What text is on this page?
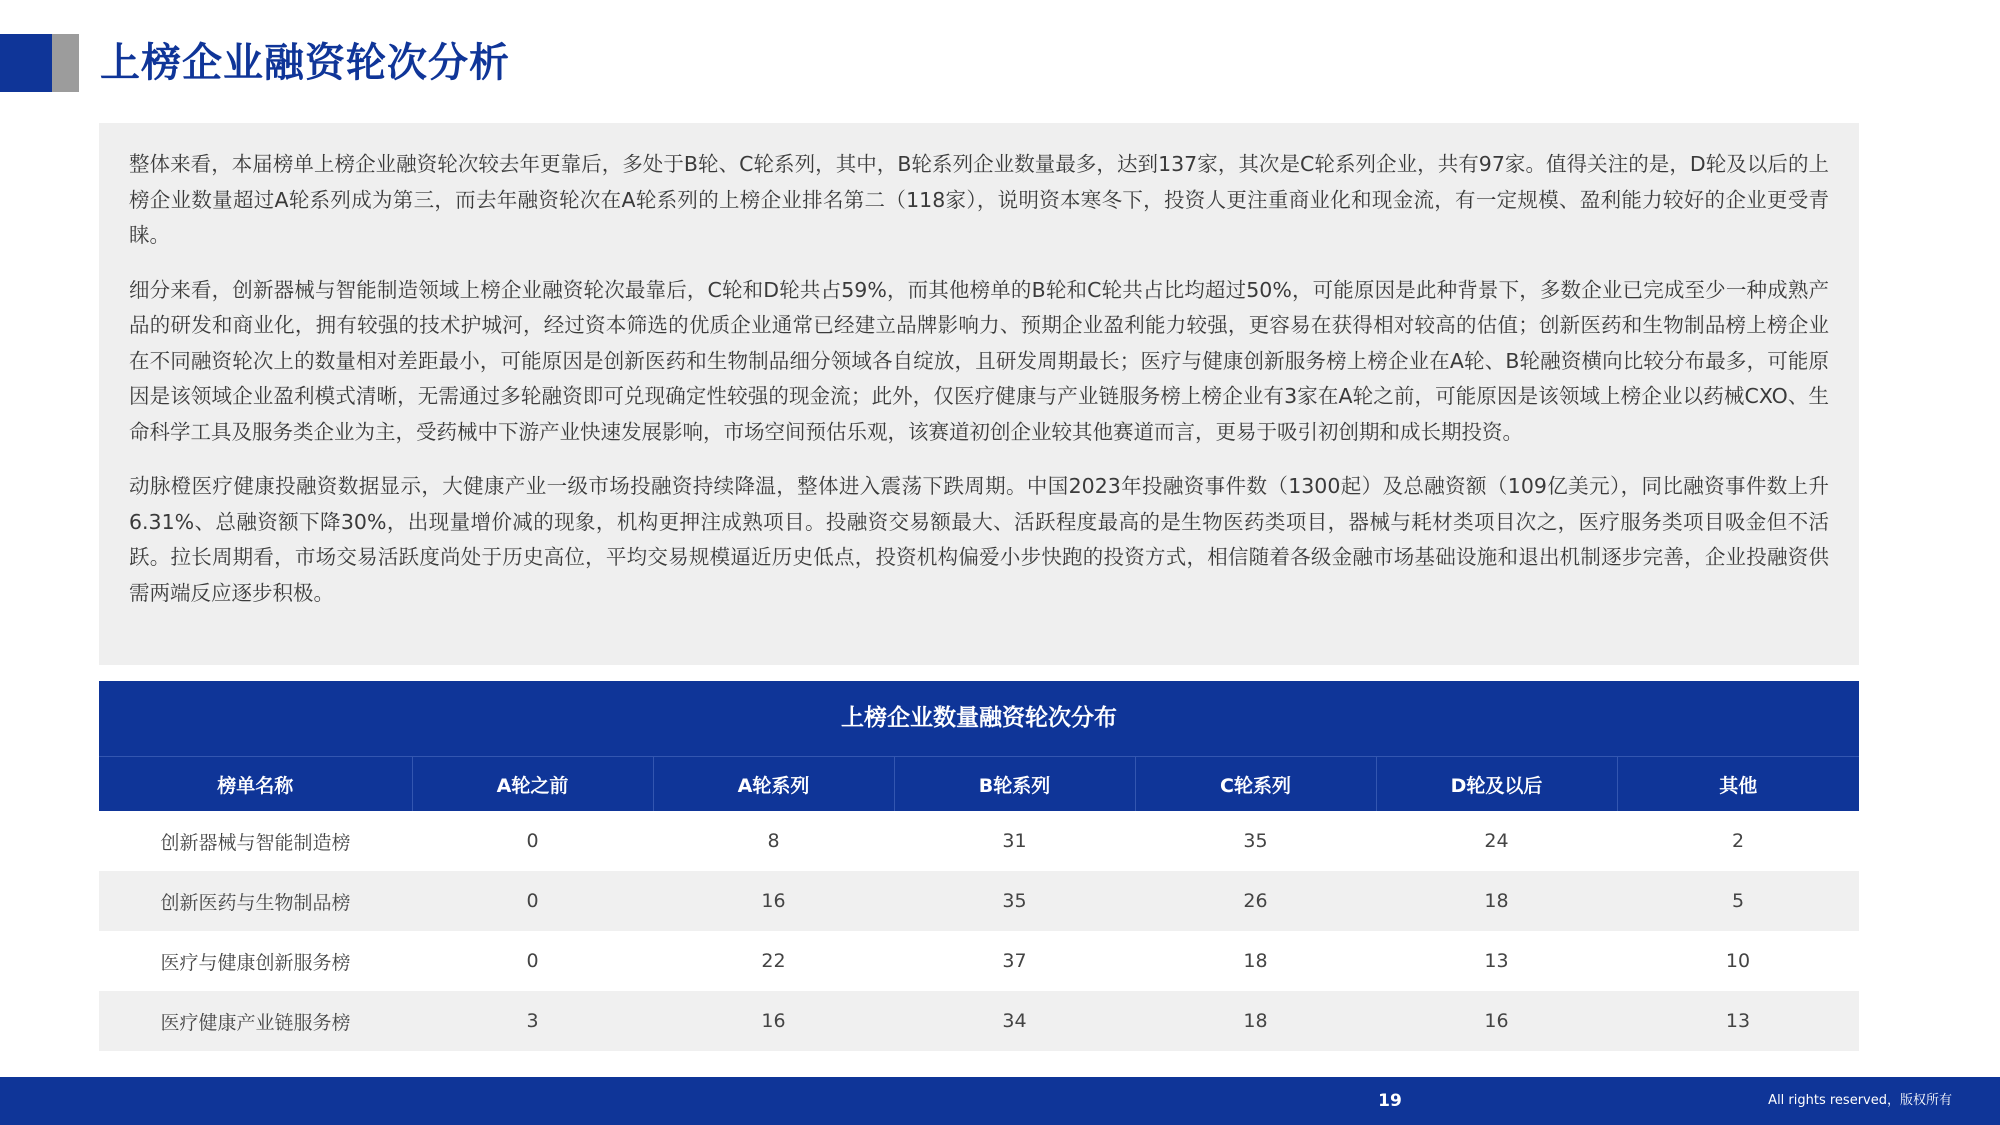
上榜企业融资轮次分析

整体来看，本届榜单上榜企业融资轮次较去年更靠后，多处于B轮、C轮系列，其中，B轮系列企业数量最多，达到137家，其次是C轮系列企业，共有97家。值得关注的是，D轮及以后的上榜企业数量超过A轮系列成为第三，而去年融资轮次在A轮系列的上榜企业排名第二（118家），说明资本寒冬下，投资人更注重商业化和现金流，有一定规模、盈利能力较好的企业更受青睐。

细分来看，创新器械与智能制造领域上榜企业融资轮次最靠后，C轮和D轮共占59%，而其他榜单的B轮和C轮共占比均超过50%，可能原因是此种背景下，多数企业已完成至少一种成熟产品的研发和商业化，拥有较强的技术护城河，经过资本筛选的优质企业通常已经建立品牌影响力、预期企业盈利能力较强，更容易在获得相对较高的估值；创新医药和生物制品榜上榜企业在不同融资轮次上的数量相对差距最小，可能原因是创新医药和生物制品细分领域各自绽放，且研发周期最长；医疗与健康创新服务榜上榜企业在A轮、B轮融资横向比较分布最多，可能原因是该领域企业盈利模式清晰，无需通过多轮融资即可兑现确定性较强的现金流；此外，仅医疗健康与产业链服务榜上榜企业有3家在A轮之前，可能原因是该领域上榜企业以药械CXO、生命科学工具及服务类企业为主，受药械中下游产业快速发展影响，市场空间预估乐观，该赛道初创企业较其他赛道而言，更易于吸引初创期和成长期投资。

动脉橙医疗健康投融资数据显示，大健康产业一级市场投融资持续降温，整体进入震荡下跌周期。中国2023年投融资事件数（1300起）及总融资额（109亿美元），同比融资事件数上升6.31%、总融资额下降30%，出现量增价减的现象，机构更押注成熟项目。投融资交易额最大、活跃程度最高的是生物医药类项目，器械与耗材类项目次之，医疗服务类项目吸金但不活跃。拉长周期看，市场交易活跃度尚处于历史高位，平均交易规模逼近历史低点，投资机构偏爱小步快跑的投资方式，相信随着各级金融市场基础设施和退出机制逐步完善，企业投融资供需两端反应逐步积极。

上榜企业数量融资轮次分布
榜单名称	A轮之前	A轮系列	B轮系列	C轮系列	D轮及以后	其他
创新器械与智能制造榜	0	8	31	35	24	2
创新医药与生物制品榜	0	16	35	26	18	5
医疗与健康创新服务榜	0	22	37	18	13	10
医疗健康产业链服务榜	3	16	34	18	16	13
19	All rights reserved，版权所有
